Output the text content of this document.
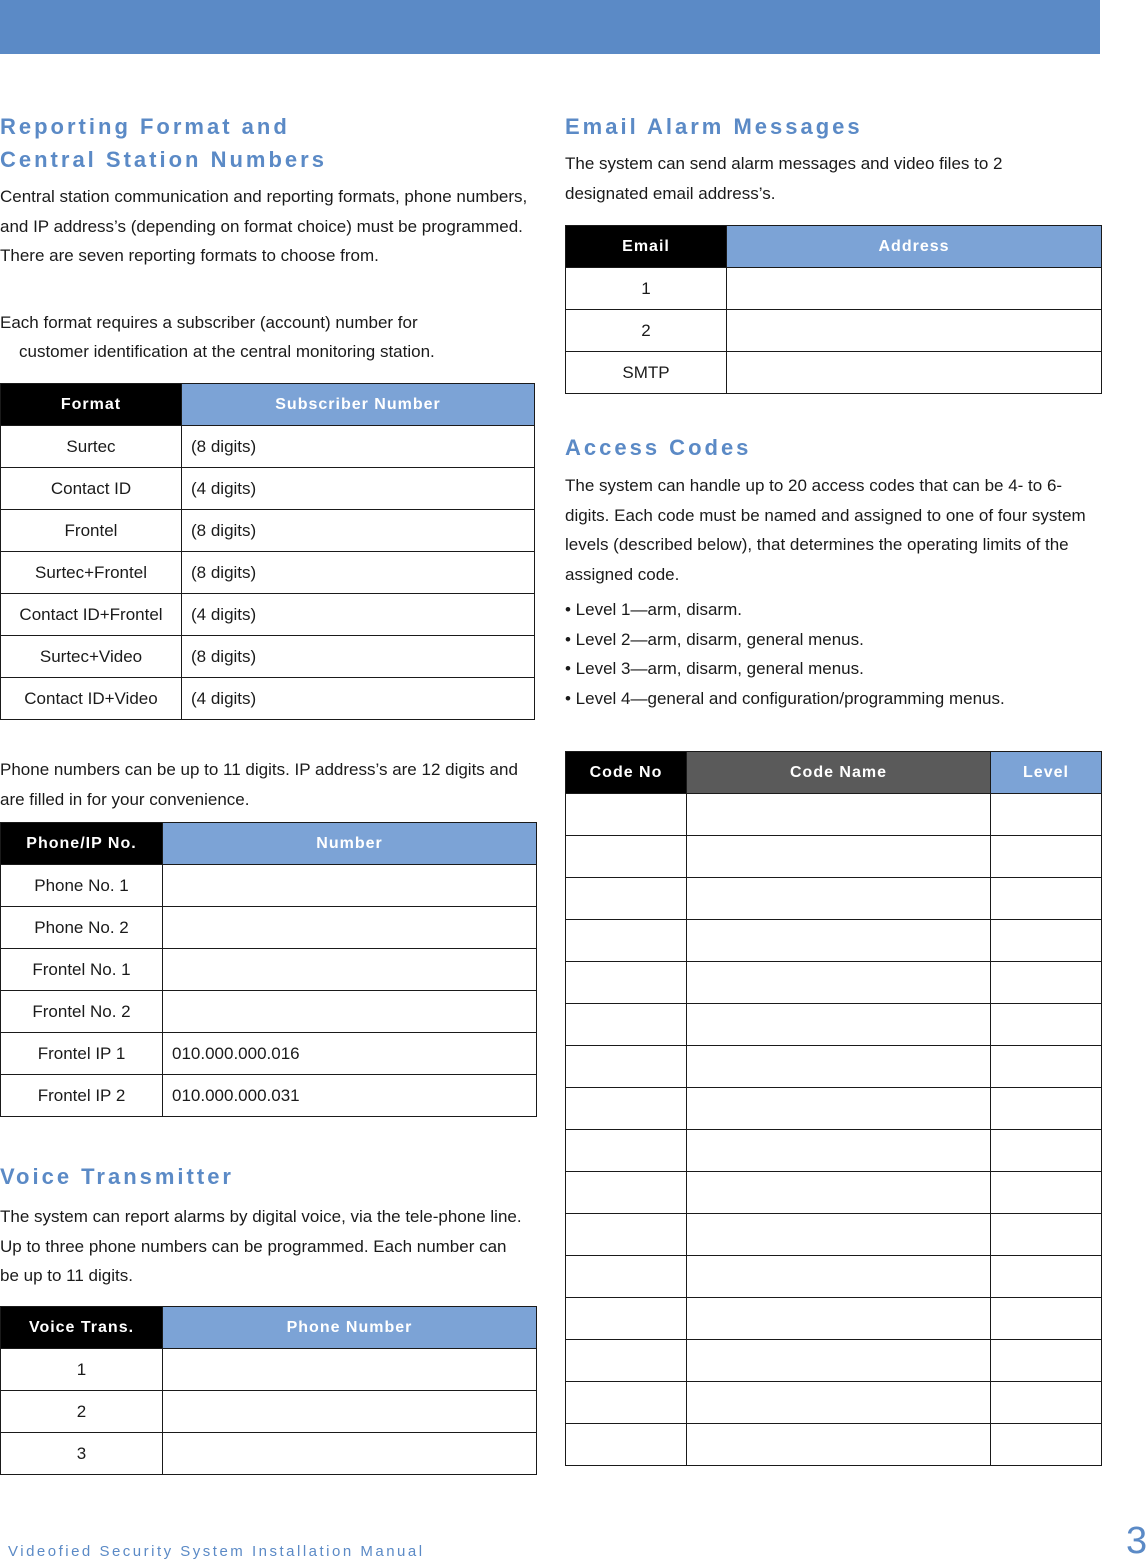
Reporting Format and
Central Station Numbers

Central station communication and reporting formats, phone numbers, and IP address’s (depending on format choice) must be programmed. There are seven reporting formats to choose from.

Each format requires a subscriber (account) number for

customer identification at the central monitoring station.

Format	Subscriber Number
Surtec	(8 digits)
Contact ID	(4 digits)
Frontel	(8 digits)
Surtec+Frontel	(8 digits)
Contact ID+Frontel	(4 digits)
Surtec+Video	(8 digits)
Contact ID+Video	(4 digits)

Phone numbers can be up to 11 digits. IP address’s are 12 digits and are filled in for your convenience.

Phone/IP No.	Number
Phone No. 1	
Phone No. 2	
Frontel No. 1	
Frontel No. 2	
Frontel IP 1	010.000.000.016
Frontel IP 2	010.000.000.031
Voice Transmitter

The system can report alarms by digital voice, via the tele-phone line. Up to three phone numbers can be programmed. Each number can be up to 11 digits.

Voice Trans.	Phone Number
1	
2	
3	
Email Alarm Messages

The system can send alarm messages and video files to 2 designated email address’s.

Email	Address
1	
2	
SMTP	
Access Codes

The system can handle up to 20 access codes that can be 4- to 6-digits. Each code must be named and assigned to one of four system levels (described below), that determines the operating limits of the assigned code.

• Level 1—arm, disarm.
• Level 2—arm, disarm, general menus.
• Level 3—arm, disarm, general menus.
• Level 4—general and configuration/programming menus.
Code No	Code Name	Level

Videofied Security System Installation Manual	3
